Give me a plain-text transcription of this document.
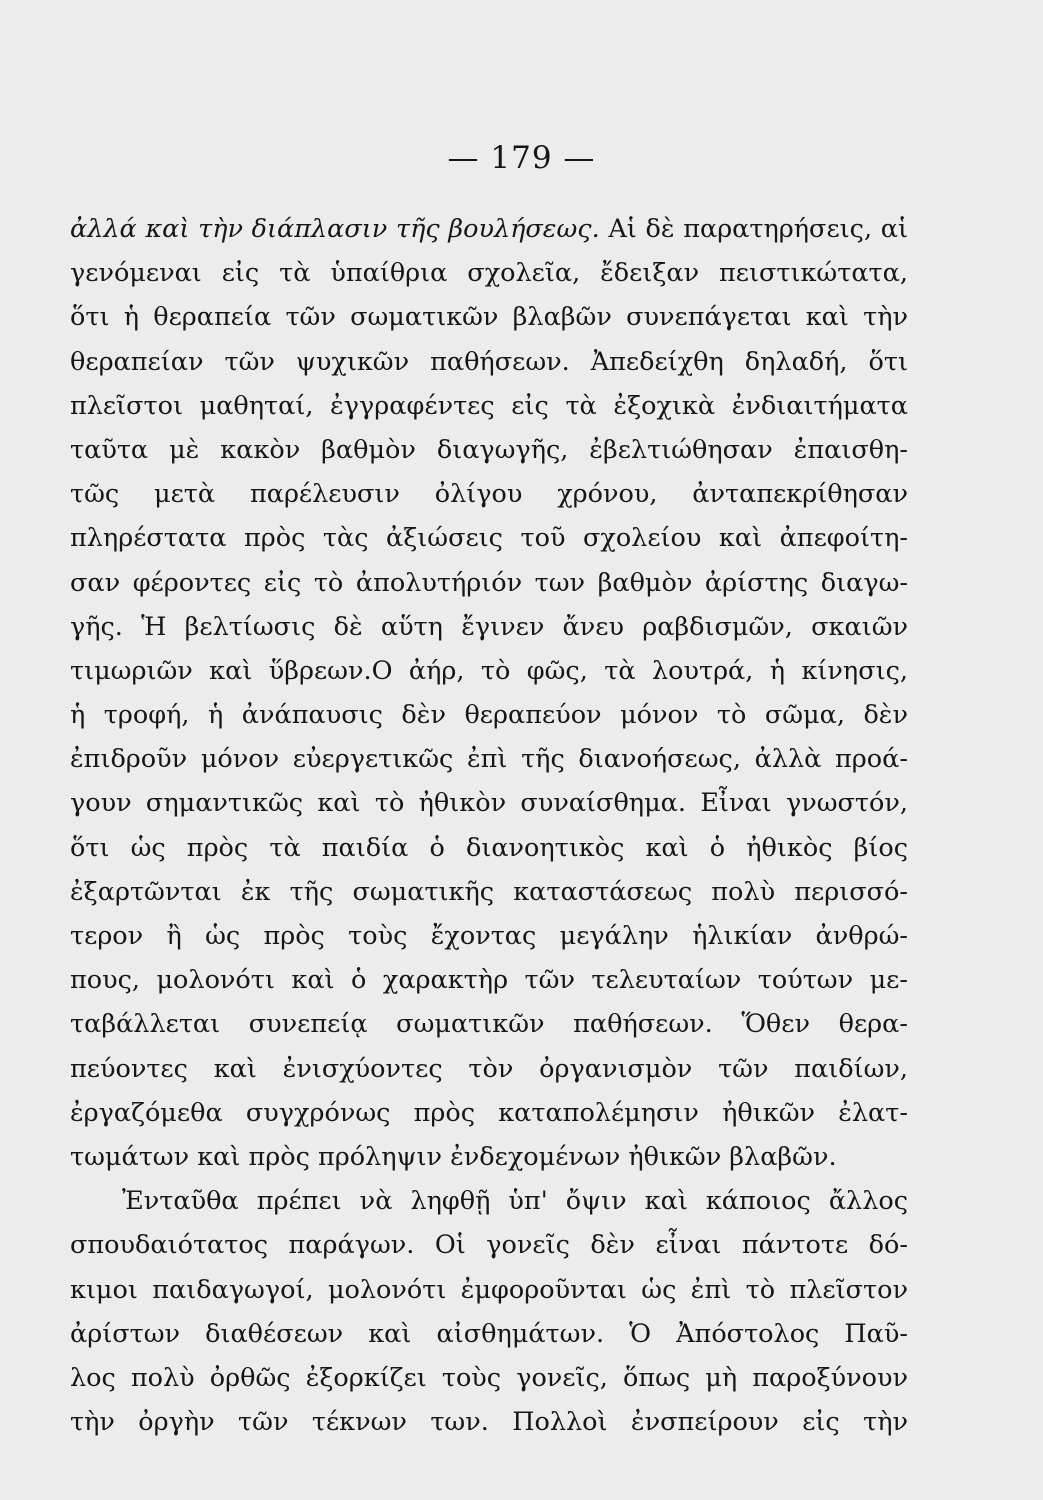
— 179 —
ἀλλά καὶ τὴν διάπλασιν τῆς βουλήσεως. Αἱ δὲ παρατηρήσεις, αἱ
γενόμεναι εἰς τὰ ὑπαίθρια σχολεῖα, ἔδειξαν πειστικώτατα,
ὅτι ἡ θεραπεία τῶν σωματικῶν βλαβῶν συνεπάγεται καὶ τὴν
θεραπείαν τῶν ψυχικῶν παθήσεων. Ἀπεδείχθη δηλαδή, ὅτι
πλεῖστοι μαθηταί, ἐγγραφέντες εἰς τὰ ἐξοχικὰ ἐνδιαιτήματα
ταῦτα μὲ κακὸν βαθμὸν διαγωγῆς, ἐβελτιώθησαν ἐπαισθη-
τῶς μετὰ παρέλευσιν ὀλίγου χρόνου, ἀνταπεκρίθησαν
πληρέστατα πρὸς τὰς ἀξιώσεις τοῦ σχολείου καὶ ἀπεφοίτη-
σαν φέροντες εἰς τὸ ἀπολυτήριόν των βαθμὸν ἀρίστης διαγω-
γῆς. Ἡ βελτίωσις δὲ αὕτη ἔγινεν ἄνευ ραβδισμῶν, σκαιῶν
τιμωριῶν καὶ ὕβρεων.Ο ἀήρ, τὸ φῶς, τὰ λουτρά, ἡ κίνησις,
ἡ τροφή, ἡ ἀνάπαυσις δὲν θεραπεύον μόνον τὸ σῶμα, δὲν
ἐπιδροῦν μόνον εὐεργετικῶς ἐπὶ τῆς διανοήσεως, ἀλλὰ προά-
γουν σημαντικῶς καὶ τὸ ἠθικὸν συναίσθημα. Εἶναι γνωστόν,
ὅτι ὡς πρὸς τὰ παιδία ὁ διανοητικὸς καὶ ὁ ἠθικὸς βίος
ἐξαρτῶνται ἐκ τῆς σωματικῆς καταστάσεως πολὺ περισσό-
τερον ἢ ὡς πρὸς τοὺς ἔχοντας μεγάλην ἡλικίαν ἀνθρώ-
πους, μολονότι καὶ ὁ χαρακτὴρ τῶν τελευταίων τούτων με-
ταβάλλεται συνεπείᾳ σωματικῶν παθήσεων. Ὅθεν θερα-
πεύοντες καὶ ἐνισχύοντες τὸν ὀργανισμὸν τῶν παιδίων,
ἐργαζόμεθα συγχρόνως πρὸς καταπολέμησιν ἠθικῶν ἐλατ-
τωμάτων καὶ πρὸς πρόληψιν ἐνδεχομένων ἠθικῶν βλαβῶν.
Ἐνταῦθα πρέπει νὰ ληφθῇ ὑπ' ὄψιν καὶ κάποιος ἄλλος
σπουδαιότατος παράγων. Οἱ γονεῖς δὲν εἶναι πάντοτε δό-
κιμοι παιδαγωγοί, μολονότι ἐμφοροῦνται ὡς ἐπὶ τὸ πλεῖστον
ἀρίστων διαθέσεων καὶ αἰσθημάτων. Ὁ Ἀπόστολος Παῦ-
λος πολὺ ὀρθῶς ἐξορκίζει τοὺς γονεῖς, ὅπως μὴ παροξύνουν
τὴν ὀργὴν τῶν τέκνων των. Πολλοὶ ἐνσπείρουν εἰς τὴν
